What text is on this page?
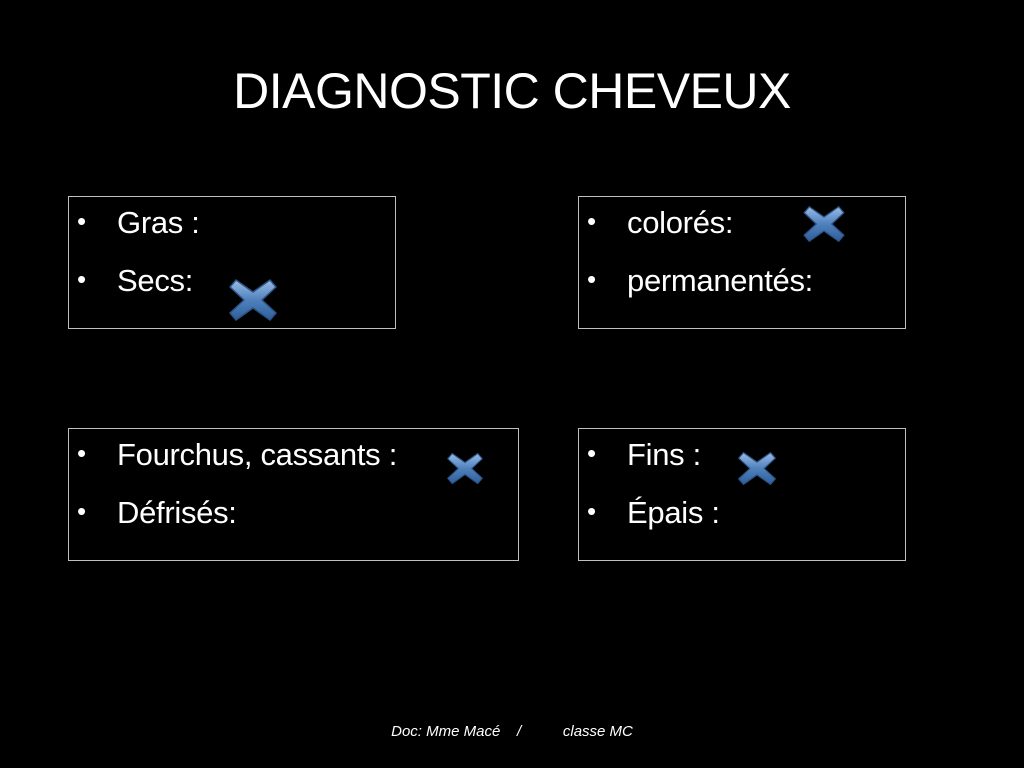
DIAGNOSTIC CHEVEUX
• Gras :
• Secs:
• colorés:
• permanentés:
• Fourchus, cassants :
• Défrisés:
• Fins :
• Épais :
Doc: Mme Macé /	classe MC
